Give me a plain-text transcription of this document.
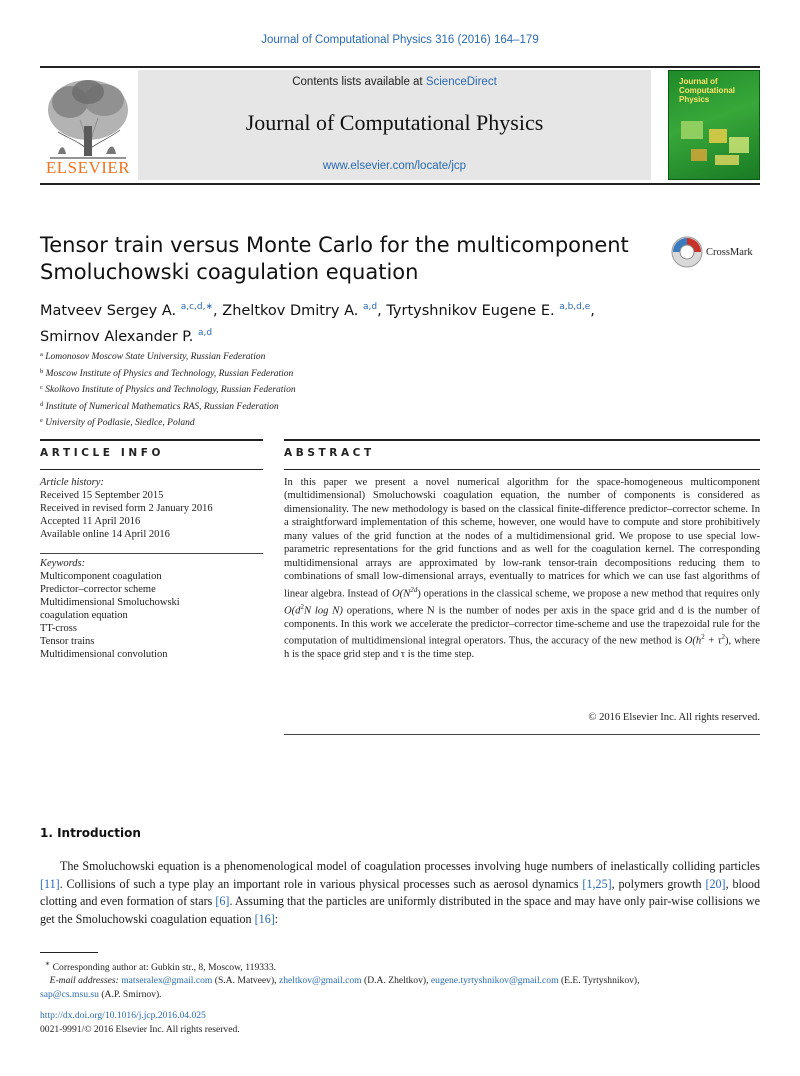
Journal of Computational Physics 316 (2016) 164–179
ELSEVIER
Contents lists available at ScienceDirect
Journal of Computational Physics
www.elsevier.com/locate/jcp
Journal of Computational Physics
Tensor train versus Monte Carlo for the multicomponent
Smoluchowski coagulation equation
CrossMark
Matveev Sergey A. $^{a,c,d,∗}$, Zheltkov Dmitry A. $^{a,d}$, Tyrtyshnikov Eugene E. $^{a,b,d,e}$,
Smirnov Alexander P. $^{a,d}$
$^a$ Lomonosov Moscow State University, Russian Federation
$^b$ Moscow Institute of Physics and Technology, Russian Federation
$^c$ Skolkovo Institute of Physics and Technology, Russian Federation
$^d$ Institute of Numerical Mathematics RAS, Russian Federation
$^e$ University of Podlasie, Siedlce, Poland
ARTICLE INFO	ABSTRACT
Article history:
Received 15 September 2015
Received in revised form 2 January 2016
Accepted 11 April 2016
Available online 14 April 2016
Keywords:
Multicomponent coagulation
Predictor–corrector scheme
Multidimensional Smoluchowski
coagulation equation
TT-cross
Tensor trains
Multidimensional convolution
In this paper we present a novel numerical algorithm for the space-homogeneous multicomponent (multidimensional) Smoluchowski coagulation equation, the number of components is considered as dimensionality. The new methodology is based on the classical finite-difference predictor–corrector scheme. In a straightforward implementation of this scheme, however, one would have to compute and store prohibitively many values of the grid function at the nodes of a multidimensional grid. We propose to use special low-parametric representations for the grid functions and as well for the coagulation kernel. The corresponding multidimensional arrays are approximated by low-rank tensor-train decompositions reducing them to combinations of small low-dimensional arrays, eventually to matrices for which we can use fast algorithms of linear algebra. Instead of $O(N^{2d})$ operations in the classical scheme, we propose a new method that requires only $O(d^2N$ log N) operations, where N is the number of nodes per axis in the space grid and d is the number of components. In this work we accelerate the predictor–corrector time-scheme and use the trapezoidal rule for the computation of multidimensional integral operators. Thus, the accuracy of the new method is $O(h^2 + \tau^2)$, where h is the space grid step and τ is the time step.
© 2016 Elsevier Inc. All rights reserved.
1. Introduction
The Smoluchowski equation is a phenomenological model of coagulation processes involving huge numbers of inelastically colliding particles [11]. Collisions of such a type play an important role in various physical processes such as aerosol dynamics [1,25], polymers growth [20], blood clotting and even formation of stars [6]. Assuming that the particles are uniformly distributed in the space and may have only pair-wise collisions we get the Smoluchowski coagulation equation [16]:
∗ Corresponding author at: Gubkin str., 8, Moscow, 119333.
E-mail addresses: matseralex@gmail.com (S.A. Matveev), zheltkov@gmail.com (D.A. Zheltkov), eugene.tyrtyshnikov@gmail.com (E.E. Tyrtyshnikov),
sap@cs.msu.su (A.P. Smirnov).
http://dx.doi.org/10.1016/j.jcp.2016.04.025
0021-9991/© 2016 Elsevier Inc. All rights reserved.
